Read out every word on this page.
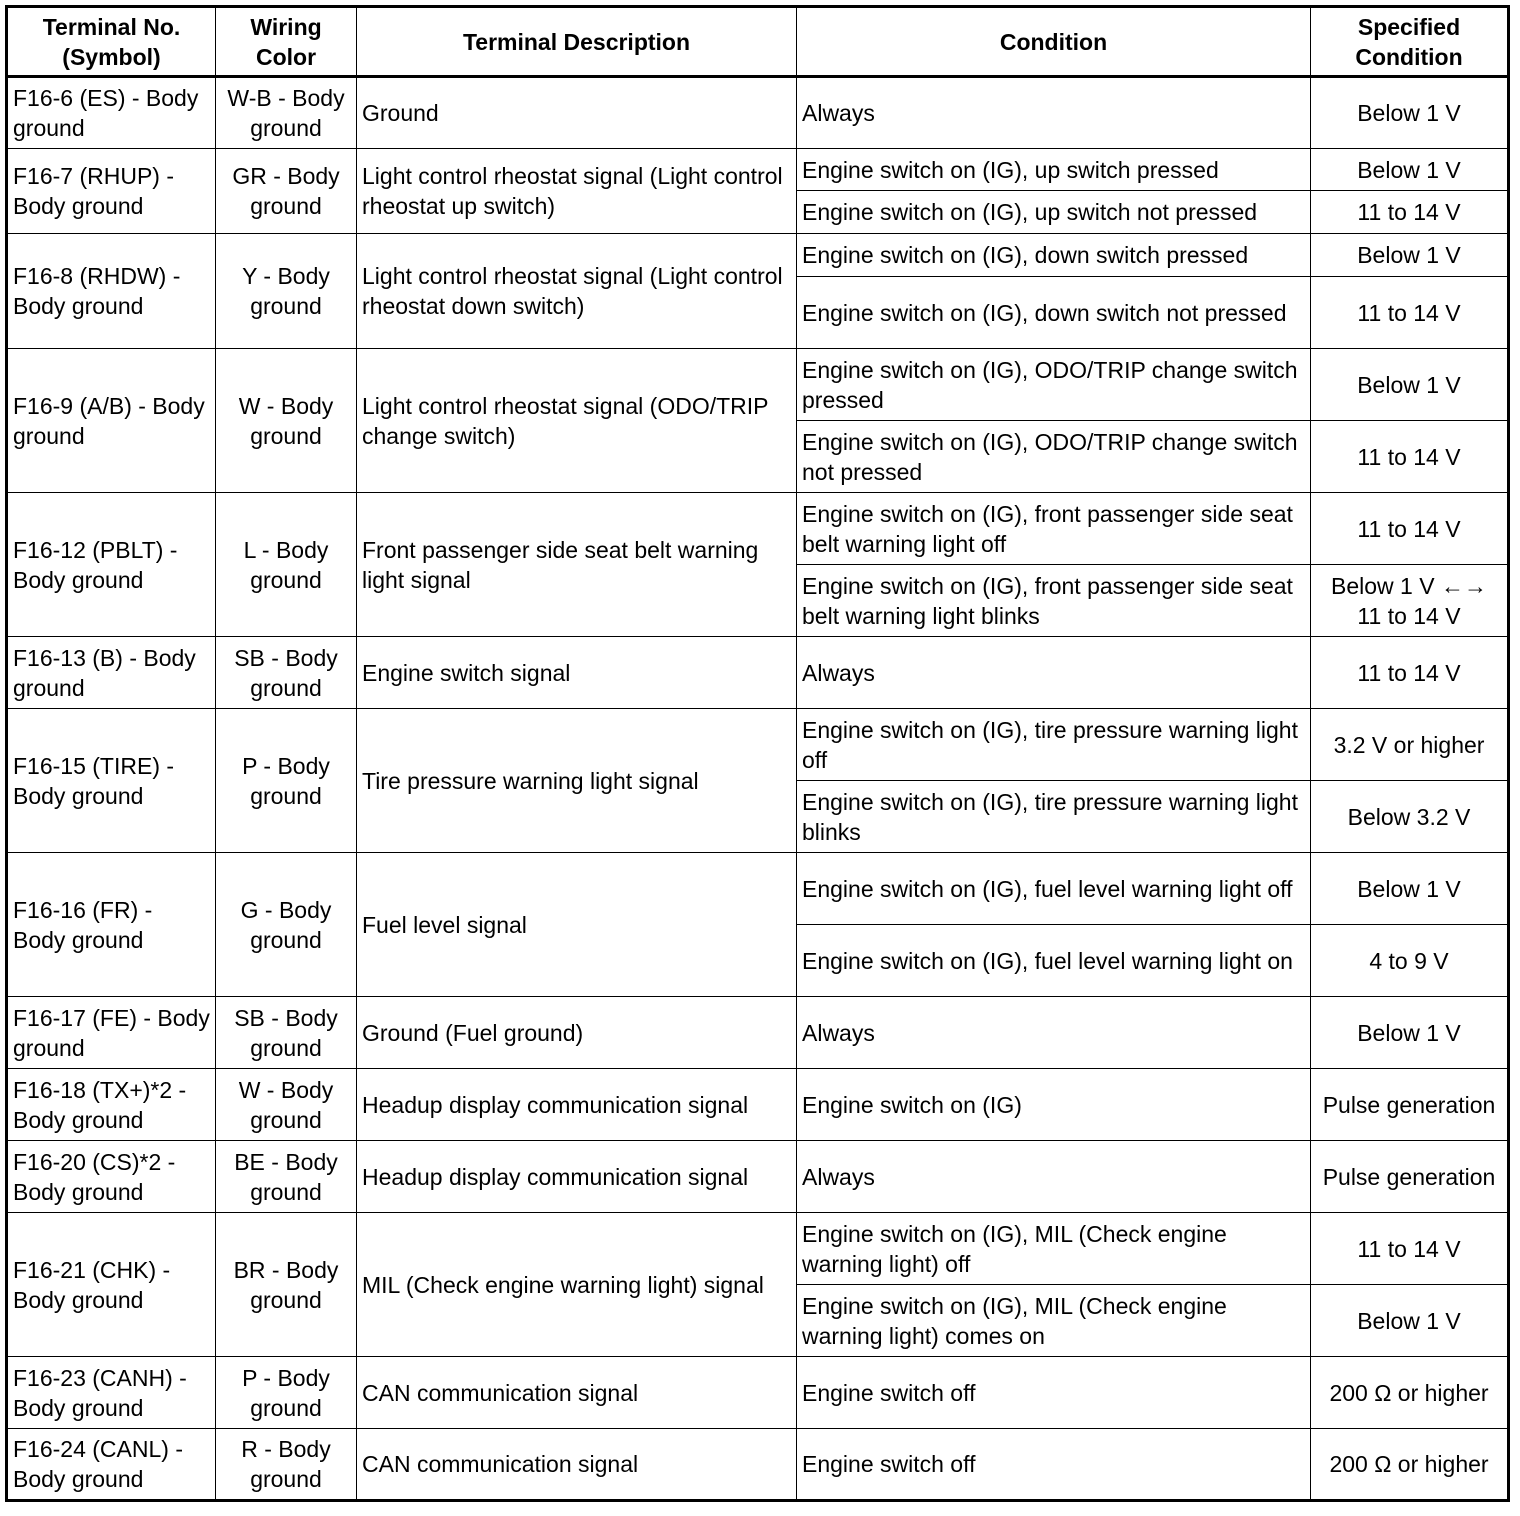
Terminal No. (Symbol)	Wiring Color	Terminal Description	Condition	Specified Condition
F16-6 (ES) - Body ground	W-B - Body ground	Ground	Always	Below 1 V
F16-7 (RHUP) - Body ground	GR - Body ground	Light control rheostat signal (Light control rheostat up switch)	Engine switch on (IG), up switch pressed	Below 1 V
			Engine switch on (IG), up switch not pressed	11 to 14 V
F16-8 (RHDW) - Body ground	Y - Body ground	Light control rheostat signal (Light control rheostat down switch)	Engine switch on (IG), down switch pressed	Below 1 V
			Engine switch on (IG), down switch not pressed	11 to 14 V
F16-9 (A/B) - Body ground	W - Body ground	Light control rheostat signal (ODO/TRIP change switch)	Engine switch on (IG), ODO/TRIP change switch pressed	Below 1 V
			Engine switch on (IG), ODO/TRIP change switch not pressed	11 to 14 V
F16-12 (PBLT) - Body ground	L - Body ground	Front passenger side seat belt warning light signal	Engine switch on (IG), front passenger side seat belt warning light off	11 to 14 V
			Engine switch on (IG), front passenger side seat belt warning light blinks	Below 1 V ←→ 11 to 14 V
F16-13 (B) - Body ground	SB - Body ground	Engine switch signal	Always	11 to 14 V
F16-15 (TIRE) - Body ground	P - Body ground	Tire pressure warning light signal	Engine switch on (IG), tire pressure warning light off	3.2 V or higher
			Engine switch on (IG), tire pressure warning light blinks	Below 3.2 V
F16-16 (FR) - Body ground	G - Body ground	Fuel level signal	Engine switch on (IG), fuel level warning light off	Below 1 V
			Engine switch on (IG), fuel level warning light on	4 to 9 V
F16-17 (FE) - Body ground	SB - Body ground	Ground (Fuel ground)	Always	Below 1 V
F16-18 (TX+)*2 - Body ground	W - Body ground	Headup display communication signal	Engine switch on (IG)	Pulse generation
F16-20 (CS)*2 - Body ground	BE - Body ground	Headup display communication signal	Always	Pulse generation
F16-21 (CHK) - Body ground	BR - Body ground	MIL (Check engine warning light) signal	Engine switch on (IG), MIL (Check engine warning light) off	11 to 14 V
			Engine switch on (IG), MIL (Check engine warning light) comes on	Below 1 V
F16-23 (CANH) - Body ground	P - Body ground	CAN communication signal	Engine switch off	200 Ω or higher
F16-24 (CANL) - Body ground	R - Body ground	CAN communication signal	Engine switch off	200 Ω or higher
